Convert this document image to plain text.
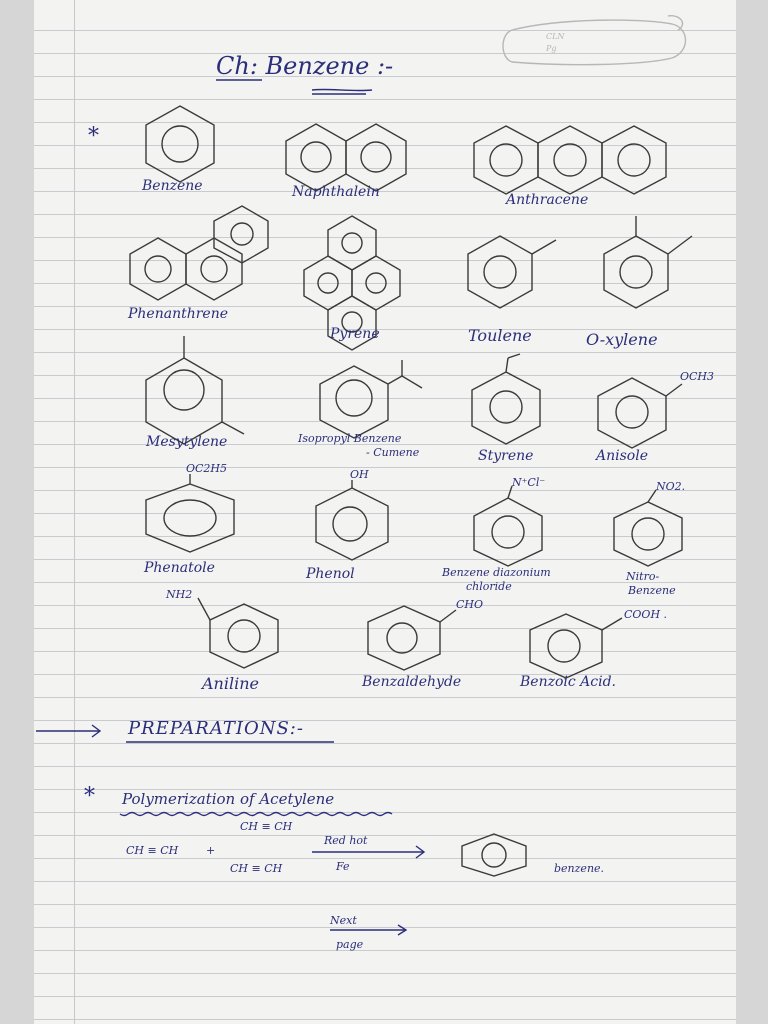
CLN
Pg
Ch: Benzene :-
*
Benzene	Naphthalein	Anthracene
Phenanthrene
Pyrene	Toulene	O-xylene
Mesytylene	Isopropyl Benzene
- Cumene	Styrene	Anisole
OCH3
OC2H5
Phenatole
OH
Phenol
N⁺Cl⁻
Benzene diazonium
chloride
NO2.
Nitro-
Benzene
NH2
Aniline
CHO
Benzaldehyde
COOH .
Benzoic Acid.
PREPARATIONS:-
* Polymerization of Acetylene
CH ≡ CH	+
CH ≡ CH
CH ≡ CH
Red hot
Fe	benzene.
Next
page
